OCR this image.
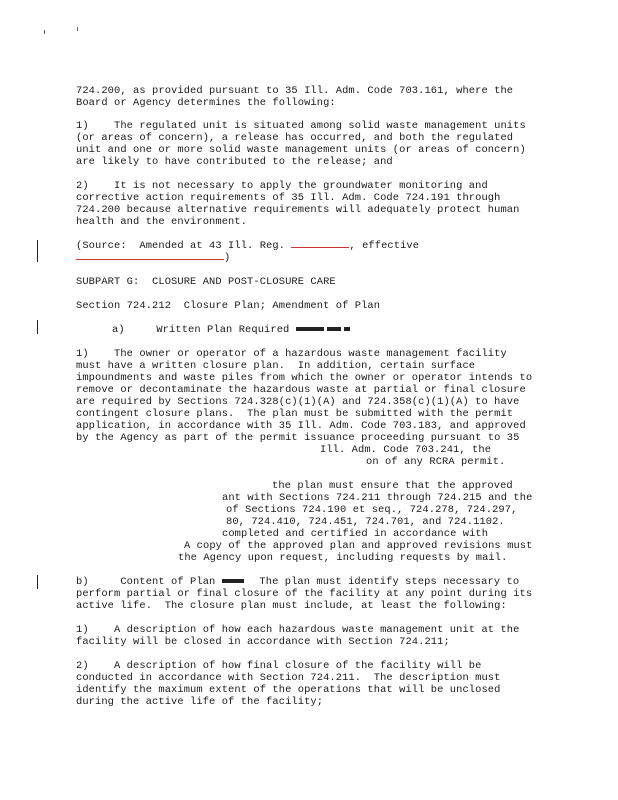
724.200, as provided pursuant to 35 Ill. Adm. Code 703.161, where the
Board or Agency determines the following:
1)    The regulated unit is situated among solid waste management units
(or areas of concern), a release has occurred, and both the regulated
unit and one or more solid waste management units (or areas of concern)
are likely to have contributed to the release; and
2)    It is not necessary to apply the groundwater monitoring and
corrective action requirements of 35 Ill. Adm. Code 724.191 through
724.200 because alternative requirements will adequately protect human
health and the environment.
(Source:  Amended at 43 Ill. Reg.	, effective
)
SUBPART G:  CLOSURE AND POST-CLOSURE CARE
Section 724.212  Closure Plan; Amendment of Plan
a)     Written Plan Required
1)    The owner or operator of a hazardous waste management facility
must have a written closure plan.  In addition, certain surface
impoundments and waste piles from which the owner or operator intends to
remove or decontaminate the hazardous waste at partial or final closure
are required by Sections 724.328(c)(1)(A) and 724.358(c)(1)(A) to have
contingent closure plans.  The plan must be submitted with the permit
application, in accordance with 35 Ill. Adm. Code 703.183, and approved
by the Agency as part of the permit issuance proceeding pursuant to 35
Ill. Adm. Code 703.241, the
on of any RCRA permit.
the plan must ensure that the approved
ant with Sections 724.211 through 724.215 and the
of Sections 724.190 et seq., 724.278, 724.297,
80, 724.410, 724.451, 724.701, and 724.1102.
completed and certified in accordance with
A copy of the approved plan and approved revisions must
the Agency upon request, including requests by mail.
b)     Content of Plan	The plan must identify steps necessary to
perform partial or final closure of the facility at any point during its
active life.  The closure plan must include, at least the following:
1)    A description of how each hazardous waste management unit at the
facility will be closed in accordance with Section 724.211;
2)    A description of how final closure of the facility will be
conducted in accordance with Section 724.211.  The description must
identify the maximum extent of the operations that will be unclosed
during the active life of the facility;
